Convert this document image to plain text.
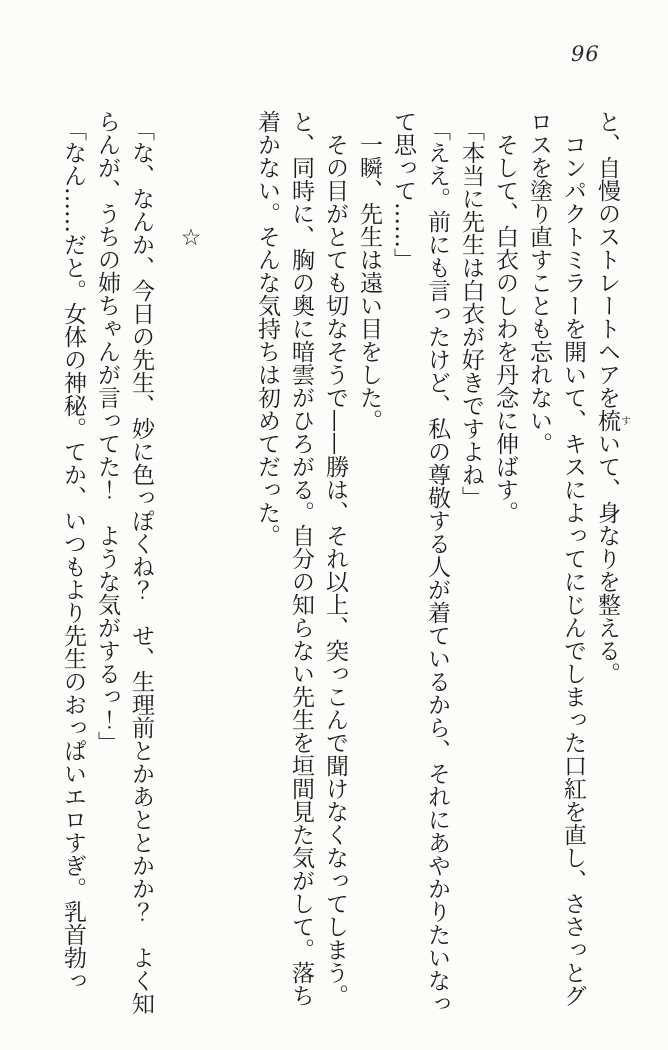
96

と、自慢のストレートヘアを梳すいて、身なりを整える。

コンパクトミラーを開いて、キスによってにじんでしまった口紅を直し、ささっとグロスを塗り直すことも忘れない。

そして、白衣のしわを丹念に伸ばす。

「本当に先生は白衣が好きですよね」

「ええ。前にも言ったけど、私の尊敬する人が着ているから、それにあやかりたいなって思って……」

一瞬、先生は遠い目をした。

その目がとても切なそうで——勝は、それ以上、突っこんで聞けなくなってしまう。

と、同時に、胸の奥に暗雲がひろがる。自分の知らない先生を垣間見た気がして。落ち着かない。そんな気持ちは初めてだった。

☆

「な、なんか、今日の先生、妙に色っぽくね？　せ、生理前とかあととかか？　よく知らんが、うちの姉ちゃんが言ってた！　ような気がするっ！」

「なん……だと。女体の神秘。てか、いつもより先生のおっぱいエロすぎ。乳首勃っ
